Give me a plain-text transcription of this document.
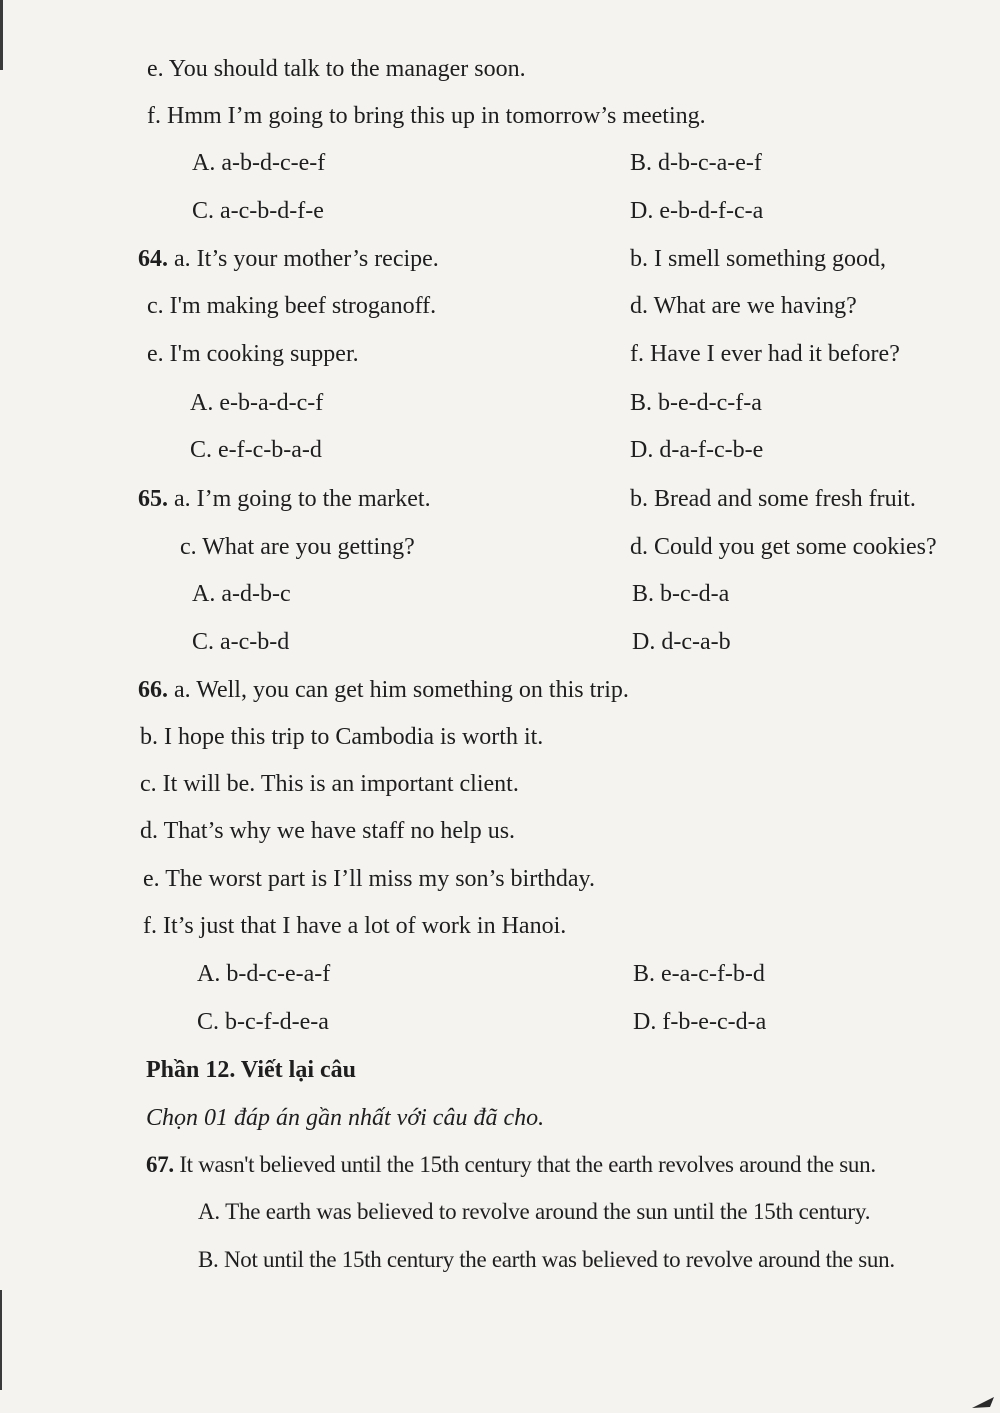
e. You should talk to the manager soon.
f. Hmm I’m going to bring this up in tomorrow’s meeting.
A. a-b-d-c-e-f	B. d-b-c-a-e-f
C. a-c-b-d-f-e	D. e-b-d-f-c-a
64. a. It’s your mother’s recipe.	b. I smell something good,
c. I'm making beef stroganoff.	d. What are we having?
e. I'm cooking supper.	f. Have I ever had it before?
A. e-b-a-d-c-f	B. b-e-d-c-f-a
C. e-f-c-b-a-d	D. d-a-f-c-b-e
65. a. I’m going to the market.	b. Bread and some fresh fruit.
c. What are you getting?	d. Could you get some cookies?
A. a-d-b-c	B. b-c-d-a
C. a-c-b-d	D. d-c-a-b
66. a. Well, you can get him something on this trip.
b. I hope this trip to Cambodia is worth it.
c. It will be. This is an important client.
d. That’s why we have staff no help us.
e. The worst part is I’ll miss my son’s birthday.
f. It’s just that I have a lot of work in Hanoi.
A. b-d-c-e-a-f	B. e-a-c-f-b-d
C. b-c-f-d-e-a	D. f-b-e-c-d-a
Phần 12. Viết lại câu
Chọn 01 đáp án gần nhất với câu đã cho.
67. It wasn't believed until the 15th century that the earth revolves around the sun.
A. The earth was believed to revolve around the sun until the 15th century.
B. Not until the 15th century the earth was believed to revolve around the sun.
